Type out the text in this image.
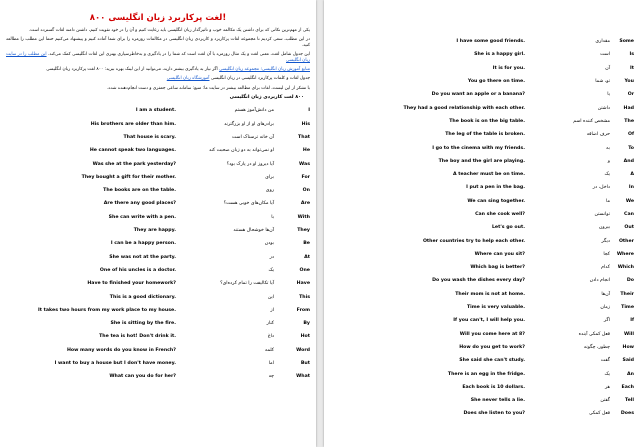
۸۰۰ لغت پرکاربرد زبان انگلیسی!

یکی از مهم‌ترین نکاتی که برای داشتن یک مکالمه خوب و تاثیرگذار زبان انگلیسی باید رعایت کنیم و آن را در خود تقویت کنیم، داشتن دامنه لغات گسترده است.

در این مطلب، سعی کردیم تا مجموعه لغات پرکاربرد و کاربردی زبان انگلیسی در مکالمات روزمره را برای شما آماده کنیم و پیشنهاد می‌کنیم حتما این مطلب را مطالعه کنید.

این جدول شامل لغت، معنی لغت و یک مثال روزمره با آن لغت است که شما را در یادگیری و به‌خاطرسپاری بهتری این لغات انگلیسی کمک می‌کند. این مطلب را در سایت زبان انگلیسی

منابع آموزش زبان انگلیسی؛ مجموعه زبان انگلیسی اگر نیاز به یادگیری بیشتر دارید، می‌توانید از این لینک بهره ببرید: ۸۰۰ لغت پرکاربرد زبان انگلیسی

جدول لغات و کلمات پرکاربرد انگلیسی در زبان انگلیسی آموزشگاه زبان انگلیسی

با تشکر از این لیست، لغات برای مطالعه بیشتر در سایت ما: منبع: سامانه ساعی جعفری و دست انجام‌دهنده شده.

۸۰۰ لغت کاربردی زبان انگلیسی
I am a student.	من دانش‌آموز هستم	I
His brothers are older than him.	برادرهای او از او بزرگترند	His
That house is scary.	آن خانه ترسناک است	That
He cannot speak two languages.	او نمی‌تواند به دو زبان صحبت کند	He
Was she at the park yesterday?	آیا دیروز او در پارک بود؟	Was
They bought a gift for their mother.	برای	For
The books are on the table.	روی	On
Are there any good places?	آیا مکان‌های خوبی هست؟	Are
She can write with a pen.	با	With
They are happy.	آن‌ها خوشحال هستند	They
I can be a happy person.	بودن	Be
She was not at the party.	در	At
One of his uncles is a doctor.	یک	One
Have to finished your homework?	آیا تکالیفت را تمام کرده‌ای؟	Have
This is a good dictionary.	این	This
It takes two hours from my work place to my house.	از	From
She is sitting by the fire.	کنار	By
The tea is hot! Don't drink it.	داغ	Hot
How many words do you know in French?	کلمه	Word
I want to buy a house but I don't have money.	اما	But
What can you do for her?	چه	What
I have some good friends.	مقداری	Some
She is a happy girl.	است	Is
It is for you.	آن	It
You go there on time.	تو، شما	You
Do you want an apple or a banana?	یا	Or
They had a good relationship with each other.	داشتن	Had
The book is on the big table.	مشخص کننده اسم	The
The leg of the table is broken.	حرف اضافه	Of
I go to the cinema with my friends.	به	To
The boy and the girl are playing.	و	And
A teacher must be on time.	یک	A
I put a pen in the bag.	داخل، در	In
We can sing together.	ما	We
Can she cook well?	توانستن	Can
Let's go out.	بیرون	Out
Other countries try to help each other.	دیگر	Other
Where can you sit?	کجا	Where
Which bag is better?	کدام	Which
Do you wash the dishes every day?	انجام دادن	Do
Their mom is not at home.	آن‌ها	Their
Time is very valuable.	زمان	Time
If you can't, I will help you.	اگر	If
Will you come here at 8?	فعل کمکی آینده	Will
How do you get to work?	چطور، چگونه	How
She said she can't study.	گفت	Said
There is an egg in the fridge.	یک	An
Each book is 10 dollars.	هر	Each
She never tells a lie.	گفتن	Tell
Does she listen to you?	فعل کمکی	Does
